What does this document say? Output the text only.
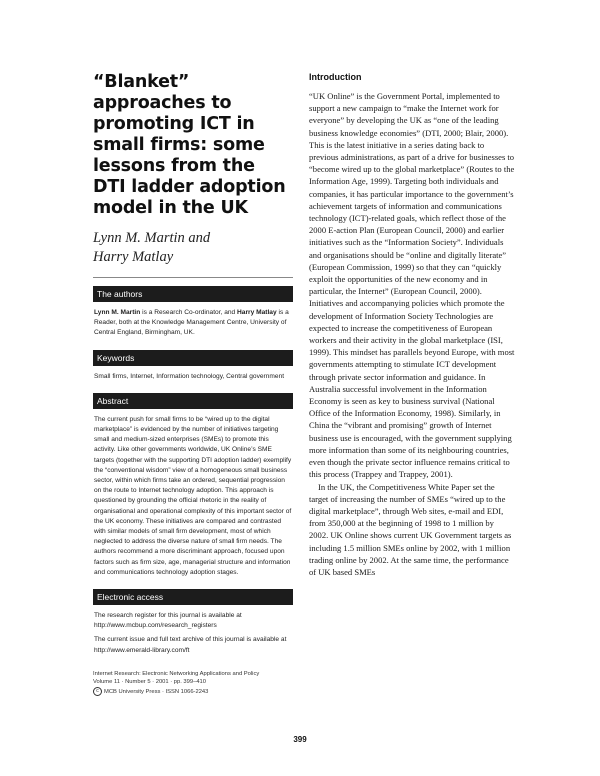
“Blanket” approaches to promoting ICT in small firms: some lessons from the DTI ladder adoption model in the UK

Lynn M. Martin and

Harry Matlay

The authors

Lynn M. Martin is a Research Co-ordinator, and Harry Matlay is a Reader, both at the Knowledge Management Centre, University of Central England, Birmingham, UK.

Keywords

Small firms, Internet, Information technology, Central government

Abstract

The current push for small firms to be “wired up to the digital marketplace” is evidenced by the number of initiatives targeting small and medium-sized enterprises (SMEs) to promote this activity. Like other governments worldwide, UK Online’s SME targets (together with the supporting DTI adoption ladder) exemplify the “conventional wisdom” view of a homogeneous small business sector, within which firms take an ordered, sequential progression on the route to Internet technology adoption. This approach is questioned by grounding the official rhetoric in the reality of organisational and operational complexity of this important sector of the UK economy. These initiatives are compared and contrasted with similar models of small firm development, most of which neglected to address the diverse nature of small firm needs. The authors recommend a more discriminant approach, focused upon factors such as firm size, age, managerial structure and information and communications technology adoption stages.

Electronic access

The research register for this journal is available at

http://www.mcbup.com/research_registers

The current issue and full text archive of this journal is available at

http://www.emerald-library.com/ft

Internet Research: Electronic Networking Applications and Policy
Volume 11 · Number 5 · 2001 · pp. 399–410
c MCB University Press · ISSN 1066-2243
Introduction

“UK Online” is the Government Portal, implemented to support a new campaign to “make the Internet work for everyone” by developing the UK as “one of the leading business knowledge economies” (DTI, 2000; Blair, 2000). This is the latest initiative in a series dating back to previous administrations, as part of a drive for businesses to “become wired up to the global marketplace” (Routes to the Information Age, 1999). Targeting both individuals and companies, it has particular importance to the government’s achievement targets of information and communications technology (ICT)-related goals, which reflect those of the 2000 E-action Plan (European Council, 2000) and earlier initiatives such as the “Information Society”. Individuals and organisations should be “online and digitally literate” (European Commission, 1999) so that they can “quickly exploit the opportunities of the new economy and in particular, the Internet” (European Council, 2000). Initiatives and accompanying policies which promote the development of Information Society Technologies are expected to increase the competitiveness of European workers and their activity in the global marketplace (ISI, 1999). This mindset has parallels beyond Europe, with most governments attempting to stimulate ICT development through private sector information and guidance. In Australia successful involvement in the Information Economy is seen as key to business survival (National Office of the Information Economy, 1998). Similarly, in China the “vibrant and promising” growth of Internet business use is encouraged, with the government supplying more information than some of its neighbouring countries, even though the private sector influence remains critical to this process (Trappey and Trappey, 2001).

In the UK, the Competitiveness White Paper set the target of increasing the number of SMEs “wired up to the digital marketplace”, through Web sites, e-mail and EDI, from 350,000 at the beginning of 1998 to 1 million by 2002. UK Online shows current UK Government targets as including 1.5 million SMEs online by 2002, with 1 million trading online by 2002. At the same time, the performance of UK based SMEs

399
